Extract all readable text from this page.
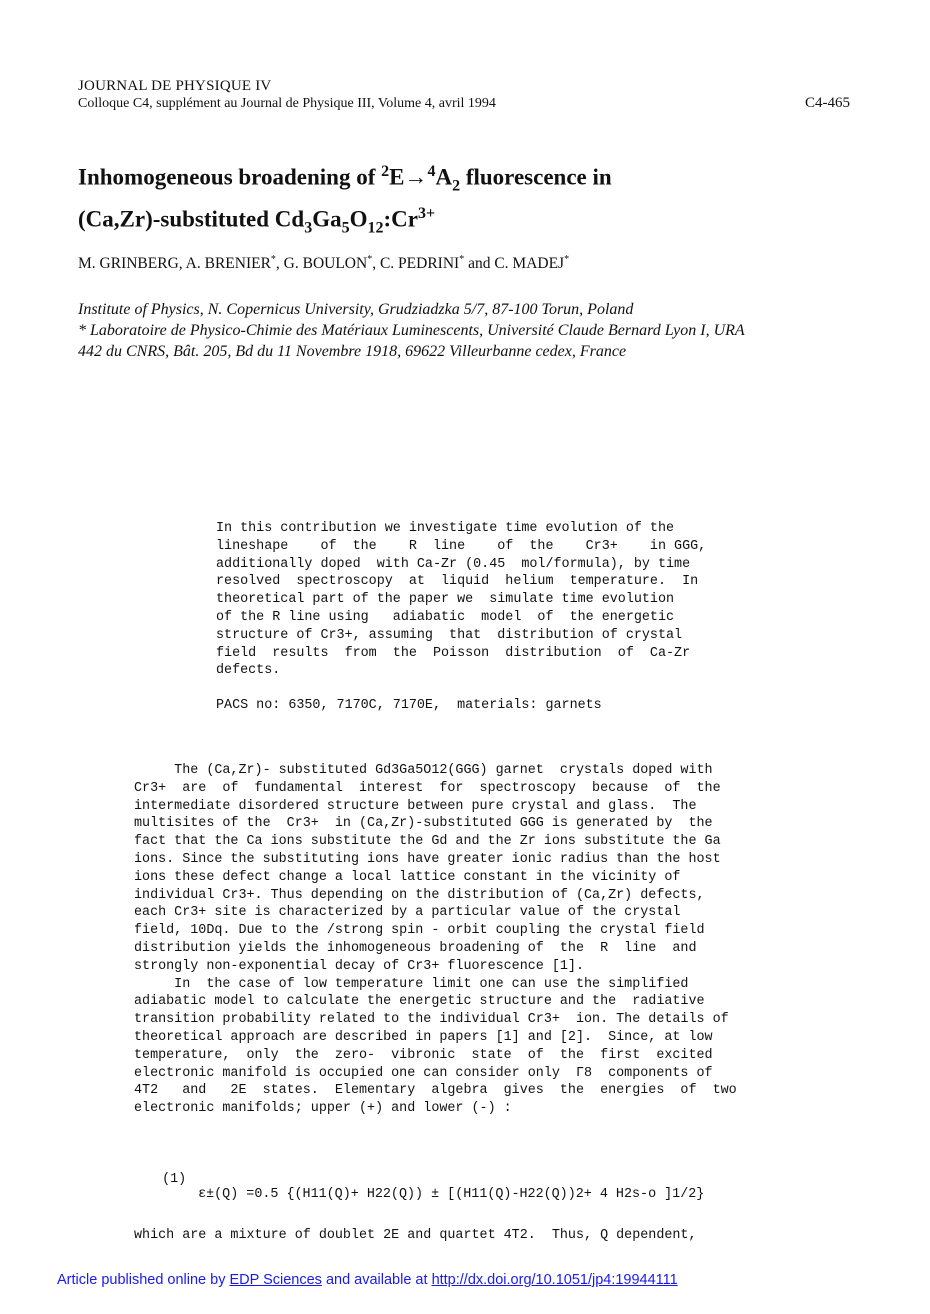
JOURNAL DE PHYSIQUE IV
Colloque C4, supplément au Journal de Physique III, Volume 4, avril 1994	C4-465
Inhomogeneous broadening of $^2E\to^4A_2$ fluorescence in
(Ca,Zr)-substituted $Cd_3Ga_5O_{12}:Cr^{3+}$
M. GRINBERG, A. BRENIER*, G. BOULON*, C. PEDRINI* and C. MADEJ*
Institute of Physics, N. Copernicus University, Grudziadzka 5/7, 87-100 Torun, Poland
* Laboratoire de Physico-Chimie des Matériaux Luminescents, Université Claude Bernard Lyon I, URA
442 du CNRS, Bât. 205, Bd du 11 Novembre 1918, 69622 Villeurbanne cedex, France
In this contribution we investigate time evolution of the
lineshape    of  the    R  line    of  the    Cr3+    in GGG,
additionally doped  with Ca-Zr (0.45  mol/formula), by time
resolved  spectroscopy  at  liquid  helium  temperature.  In
theoretical part of the paper we  simulate time evolution
of the R line using   adiabatic  model  of  the energetic
structure of Cr3+, assuming  that  distribution of crystal
field  results  from  the  Poisson  distribution  of  Ca-Zr
defects.
PACS no: 6350, 7170C, 7170E,  materials: garnets
The (Ca,Zr)- substituted Gd3Ga5O12(GGG) garnet  crystals doped with
Cr3+  are  of  fundamental  interest  for  spectroscopy  because  of  the
intermediate disordered structure between pure crystal and glass.  The
multisites of the  Cr3+  in (Ca,Zr)-substituted GGG is generated by  the
fact that the Ca ions substitute the Gd and the Zr ions substitute the Ga
ions. Since the substituting ions have greater ionic radius than the host
ions these defect change a local lattice constant in the vicinity of
individual Cr3+. Thus depending on the distribution of (Ca,Zr) defects,
each Cr3+ site is characterized by a particular value of the crystal
field, 10Dq. Due to the /strong spin - orbit coupling the crystal field
distribution yields the inhomogeneous broadening of  the  R  line  and
strongly non-exponential decay of Cr3+ fluorescence [1].
In  the case of low temperature limit one can use the simplified
adiabatic model to calculate the energetic structure and the  radiative
transition probability related to the individual Cr3+  ion. The details of
theoretical approach are described in papers [1] and [2].  Since, at low
temperature,  only  the  zero-  vibronic  state  of  the  first  excited
electronic manifold is occupied one can consider only  Γ8  components of
4T2   and   2E  states.  Elementary  algebra  gives  the  energies  of  two
electronic manifolds; upper (+) and lower (-) :

(1)
ε±(Q) =0.5 {(H11(Q)+ H22(Q)) ± [(H11(Q)-H22(Q))2+ 4 H2s-o ]1/2}

which are a mixture of doublet 2E and quartet 4T2.  Thus, Q dependent,
Article published online by EDP Sciences and available at http://dx.doi.org/10.1051/jp4:19944111
